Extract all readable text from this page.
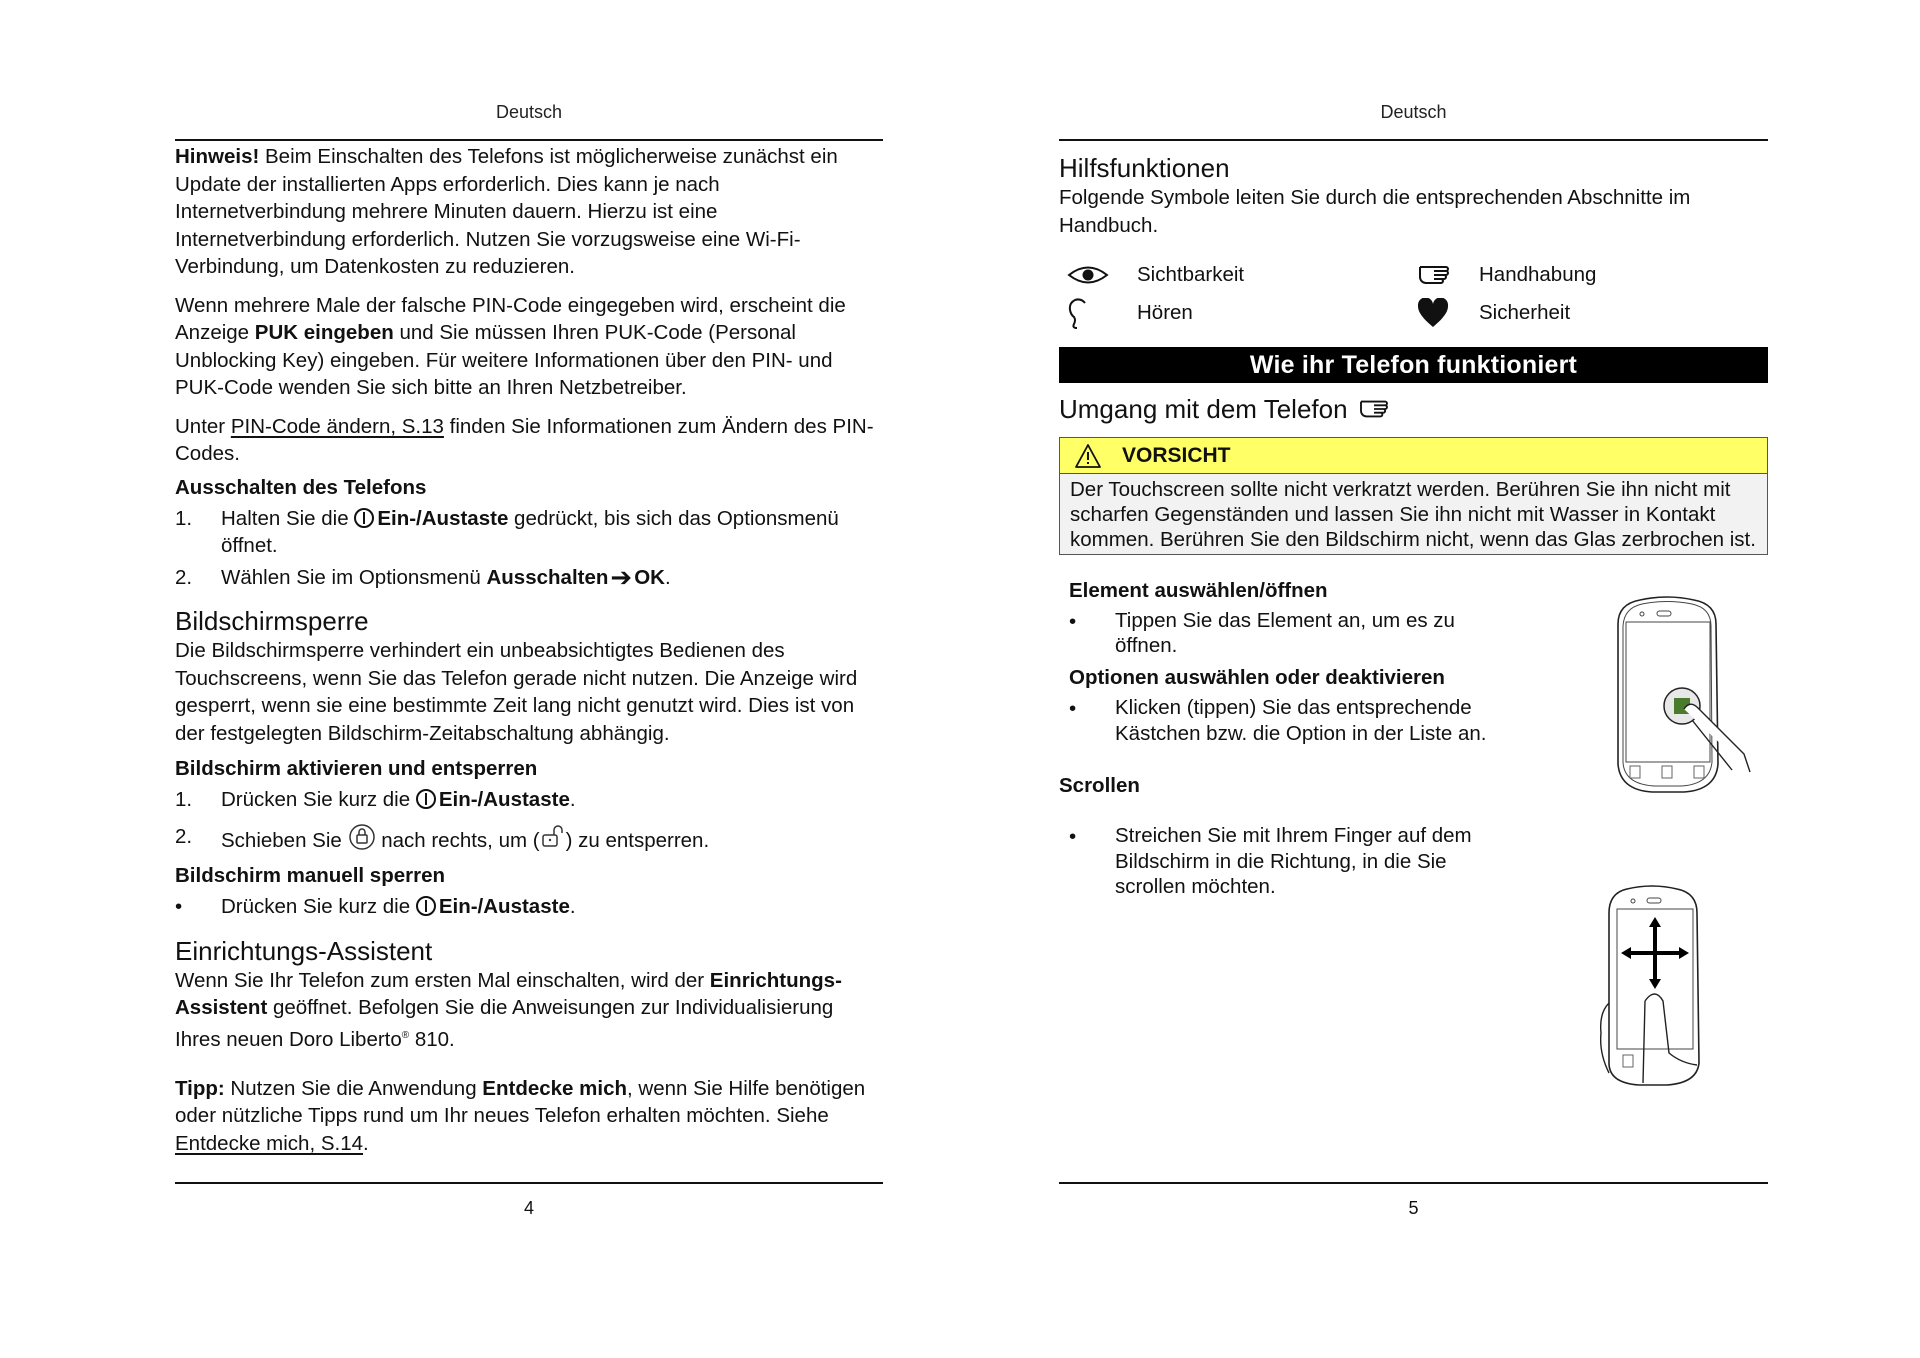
Deutsch

Hinweis! Beim Einschalten des Telefons ist möglicherweise zunächst ein Update der installierten Apps erforderlich. Dies kann je nach Internetverbindung mehrere Minuten dauern. Hierzu ist eine Internetverbindung erforderlich. Nutzen Sie vorzugsweise eine Wi-Fi-Verbindung, um Datenkosten zu reduzieren.

Wenn mehrere Male der falsche PIN-Code eingegeben wird, erscheint die Anzeige PUK eingeben und Sie müssen Ihren PUK-Code (Personal Unblocking Key) eingeben. Für weitere Informationen über den PIN- und PUK-Code wenden Sie sich bitte an Ihren Netzbetreiber.

Unter PIN-Code ändern, S.13 finden Sie Informationen zum Ändern des PIN-Codes.

Ausschalten des Telefons
1.	Halten Sie die Ein-/Austaste gedrückt, bis sich das Optionsmenü öffnet.
2.	Wählen Sie im Optionsmenü Ausschalten➔OK.
Bildschirmsperre

Die Bildschirmsperre verhindert ein unbeabsichtigtes Bedienen des Touchscreens, wenn Sie das Telefon gerade nicht nutzen. Die Anzeige wird gesperrt, wenn sie eine bestimmte Zeit lang nicht genutzt wird. Dies ist von der festgelegten Bildschirm-Zeitabschaltung abhängig.

Bildschirm aktivieren und entsperren
1.	Drücken Sie kurz die Ein-/Austaste.
2.	Schieben Sie  nach rechts, um ( ) zu entsperren.
Bildschirm manuell sperren
•	Drücken Sie kurz die Ein-/Austaste.
Einrichtungs-Assistent

Wenn Sie Ihr Telefon zum ersten Mal einschalten, wird der Einrichtungs-Assistent geöffnet. Befolgen Sie die Anweisungen zur Individualisierung Ihres neuen Doro Liberto® 810.

Tipp: Nutzen Sie die Anwendung Entdecke mich, wenn Sie Hilfe benötigen oder nützliche Tipps rund um Ihr neues Telefon erhalten möchten. Siehe Entdecke mich, S.14.

4
Deutsch
Hilfsfunktionen

Folgende Symbole leiten Sie durch die entsprechenden Abschnitte im Handbuch.

Sichtbarkeit	Handhabung
Hören	Sicherheit
Wie ihr Telefon funktioniert
Umgang mit dem Telefon
VORSICHT
Der Touchscreen sollte nicht verkratzt werden. Berühren Sie ihn nicht mit scharfen Gegenständen und lassen Sie ihn nicht mit Wasser in Kontakt kommen. Berühren Sie den Bildschirm nicht, wenn das Glas zerbrochen ist.
Element auswählen/öffnen
•	Tippen Sie das Element an, um es zu öffnen.
Optionen auswählen oder deaktivieren
•	Klicken (tippen) Sie das entsprechende Kästchen bzw. die Option in der Liste an.
Scrollen
•	Streichen Sie mit Ihrem Finger auf dem Bildschirm in die Richtung, in die Sie scrollen möchten.
5
